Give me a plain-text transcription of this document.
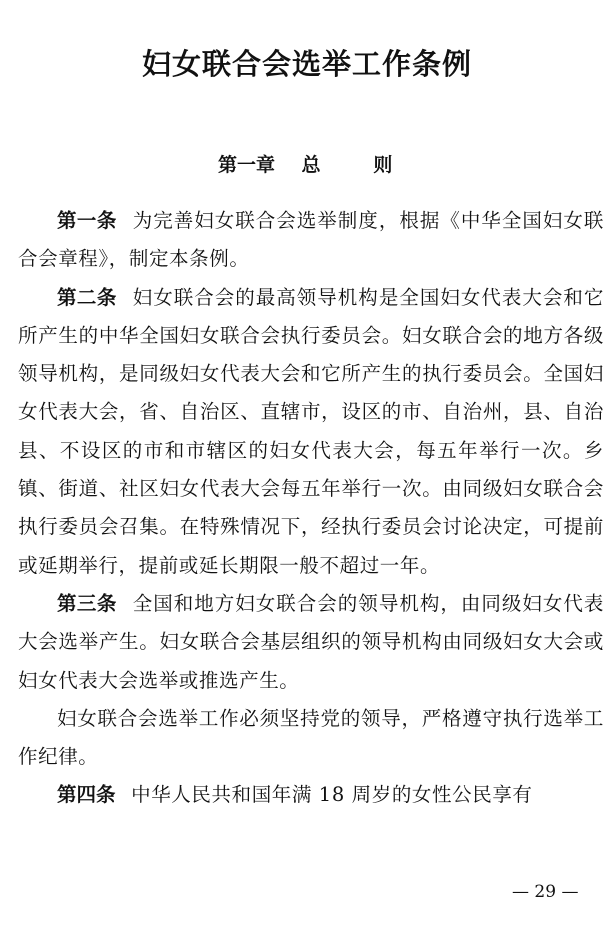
妇女联合会选举工作条例
第一章    总        则

第一条 为完善妇女联合会选举制度，根据《中华全国妇女联合会章程》，制定本条例。

第二条 妇女联合会的最高领导机构是全国妇女代表大会和它所产生的中华全国妇女联合会执行委员会。妇女联合会的地方各级领导机构，是同级妇女代表大会和它所产生的执行委员会。全国妇女代表大会，省、自治区、直辖市，设区的市、自治州，县、自治县、不设区的市和市辖区的妇女代表大会，每五年举行一次。乡镇、街道、社区妇女代表大会每五年举行一次。由同级妇女联合会执行委员会召集。在特殊情况下，经执行委员会讨论决定，可提前或延期举行，提前或延长期限一般不超过一年。

第三条 全国和地方妇女联合会的领导机构，由同级妇女代表大会选举产生。妇女联合会基层组织的领导机构由同级妇女大会或妇女代表大会选举或推选产生。

妇女联合会选举工作必须坚持党的领导，严格遵守执行选举工作纪律。

第四条 中华人民共和国年满 18 周岁的女性公民享有

— 29 —
